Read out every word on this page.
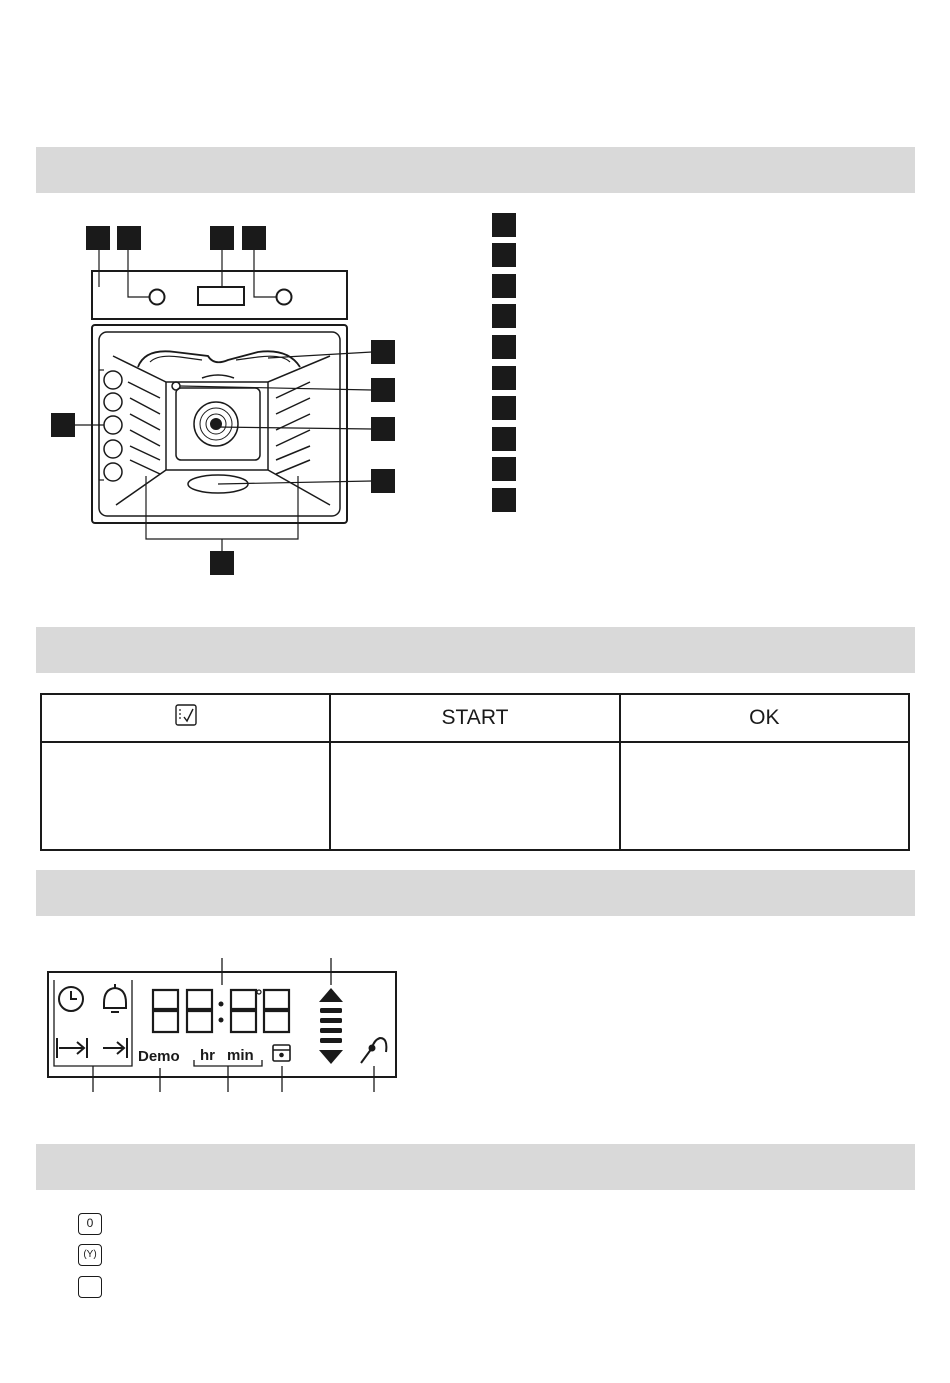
	START	OK

Demo hr min
0
(Y)
